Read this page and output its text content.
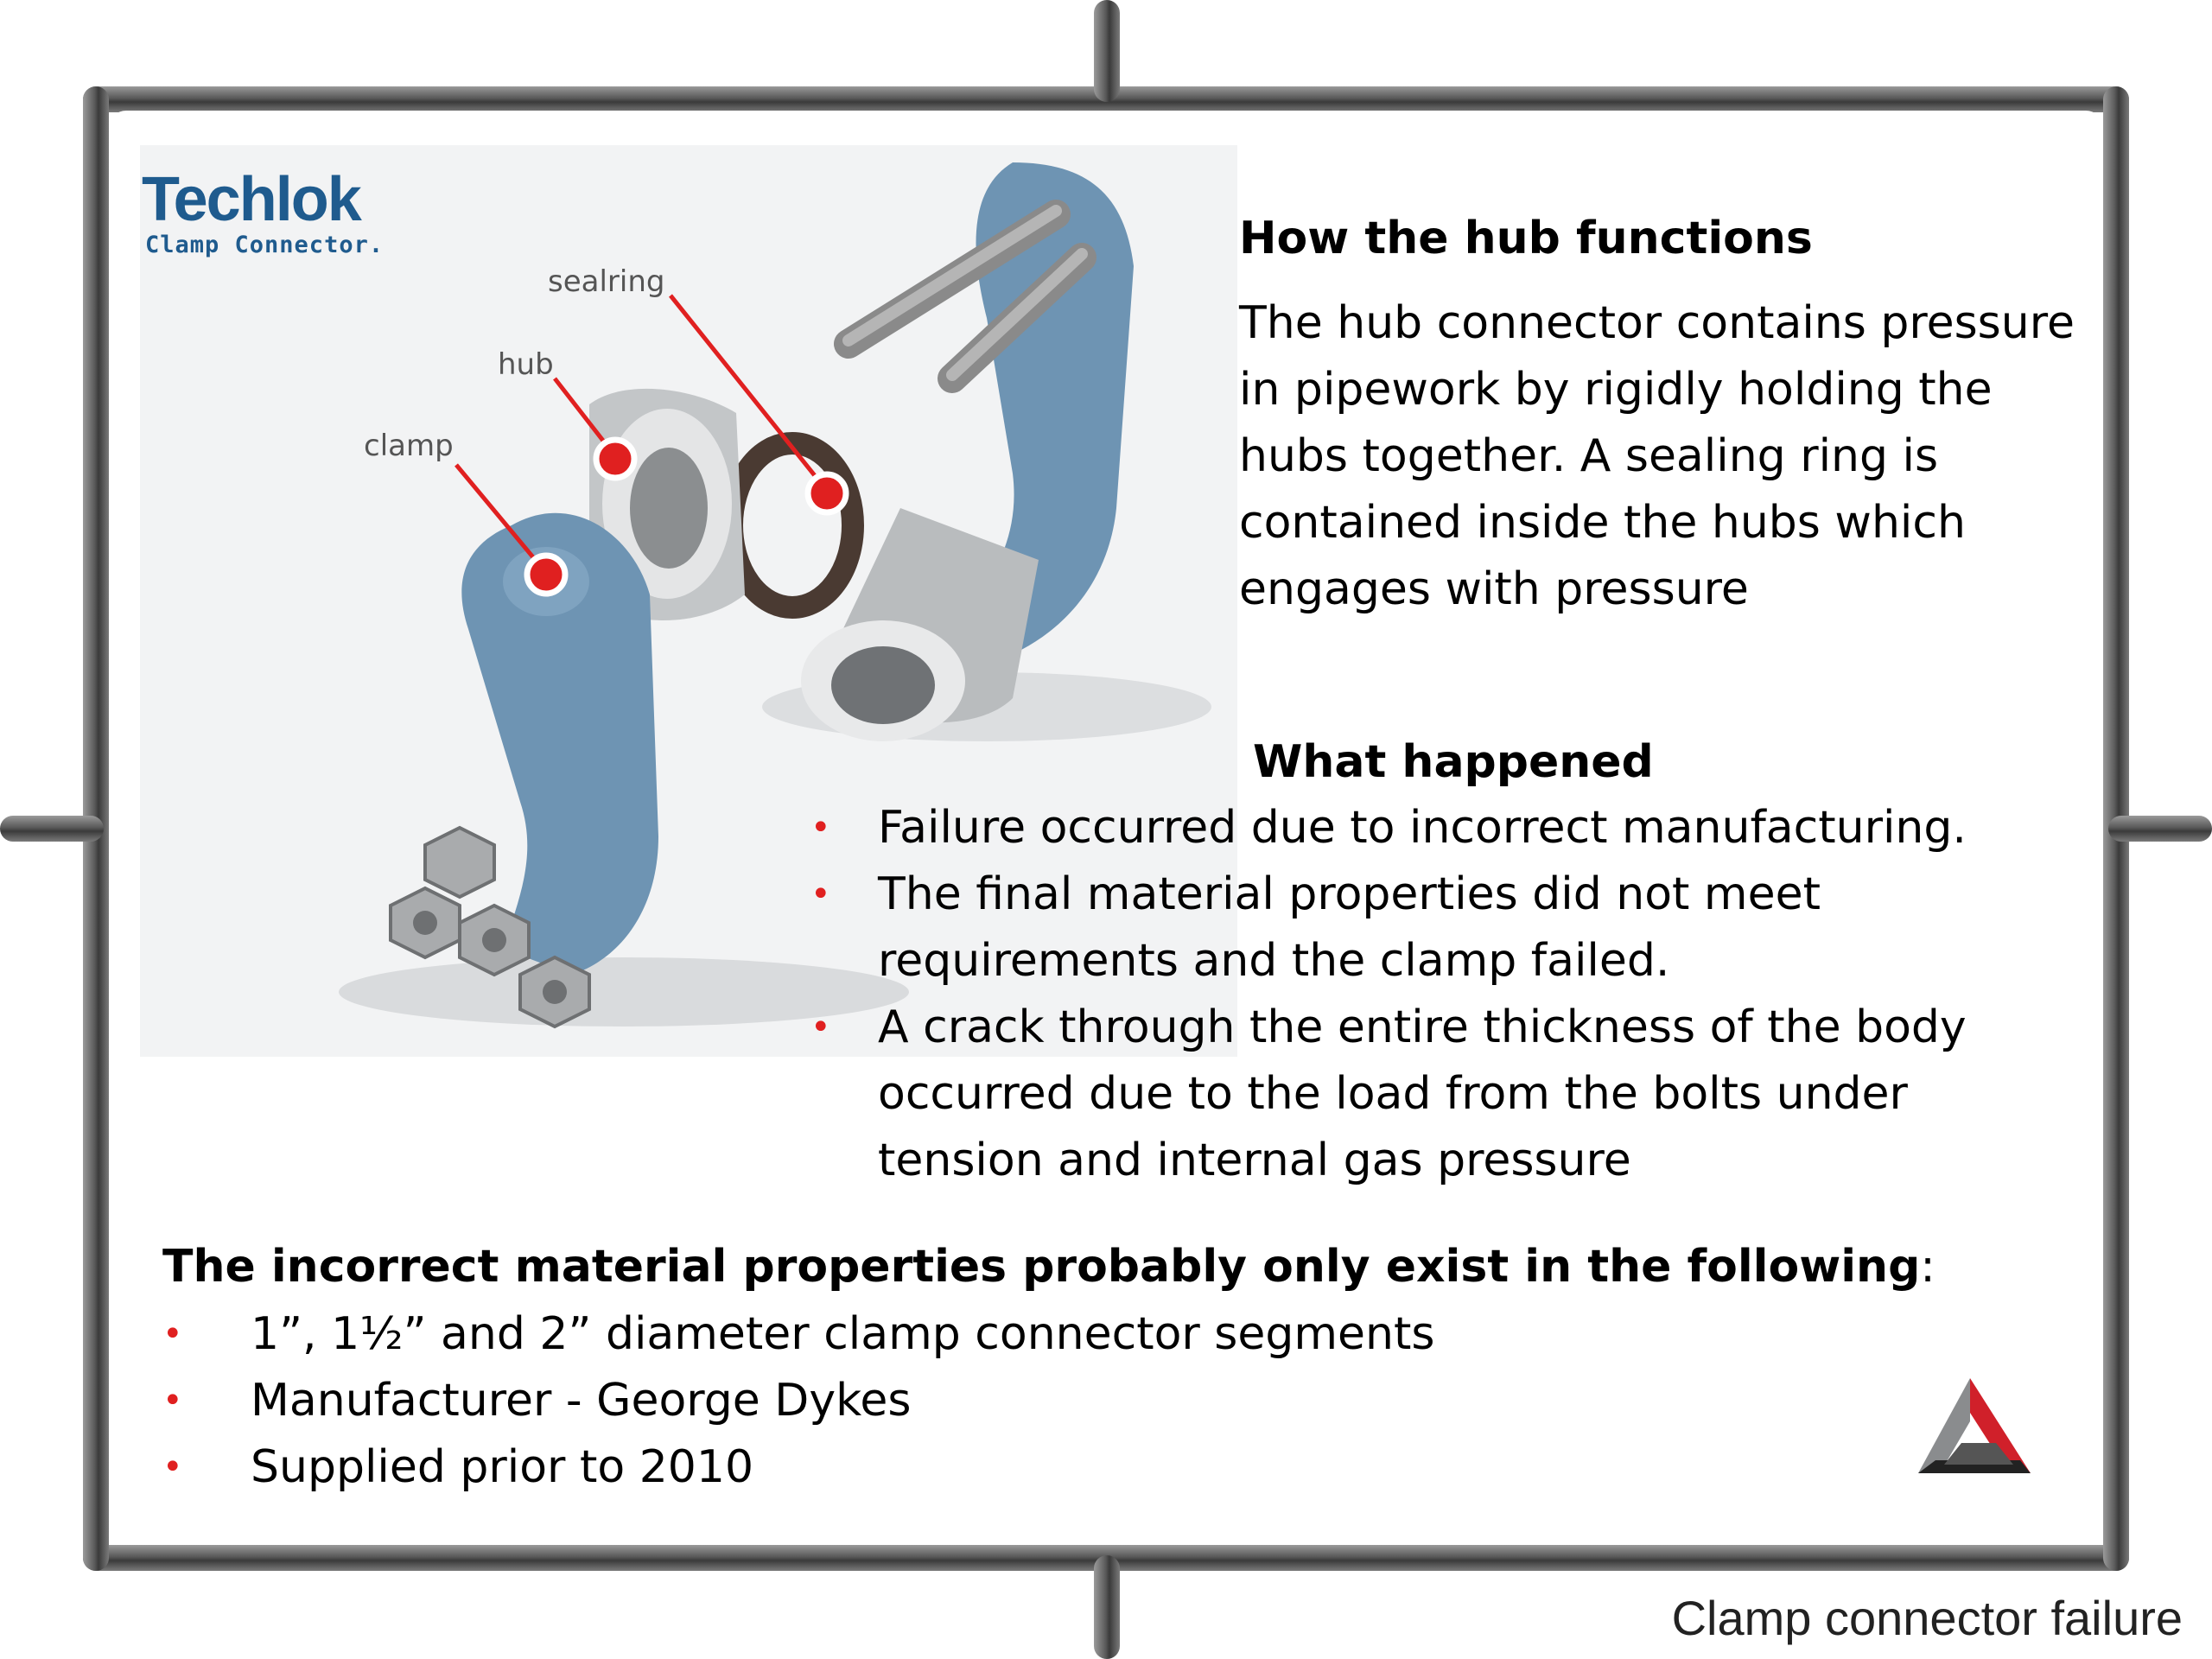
Techlok
Clamp Connector.
sealring
hub
clamp
How the hub functions
The hub connector contains pressure in pipework by rigidly holding the hubs together. A sealing ring is contained inside the hubs which engages with pressure
What happened
• Failure occurred due to incorrect manufacturing.
• The final material properties did not meet requirements and the clamp failed.
• A crack through the entire thickness of the body occurred due to the load from the bolts under tension and internal gas pressure
The incorrect material properties probably only exist in the following:
• 1”, 1½” and 2” diameter clamp connector segments
• Manufacturer - George Dykes
• Supplied prior to 2010
Clamp connector failure
